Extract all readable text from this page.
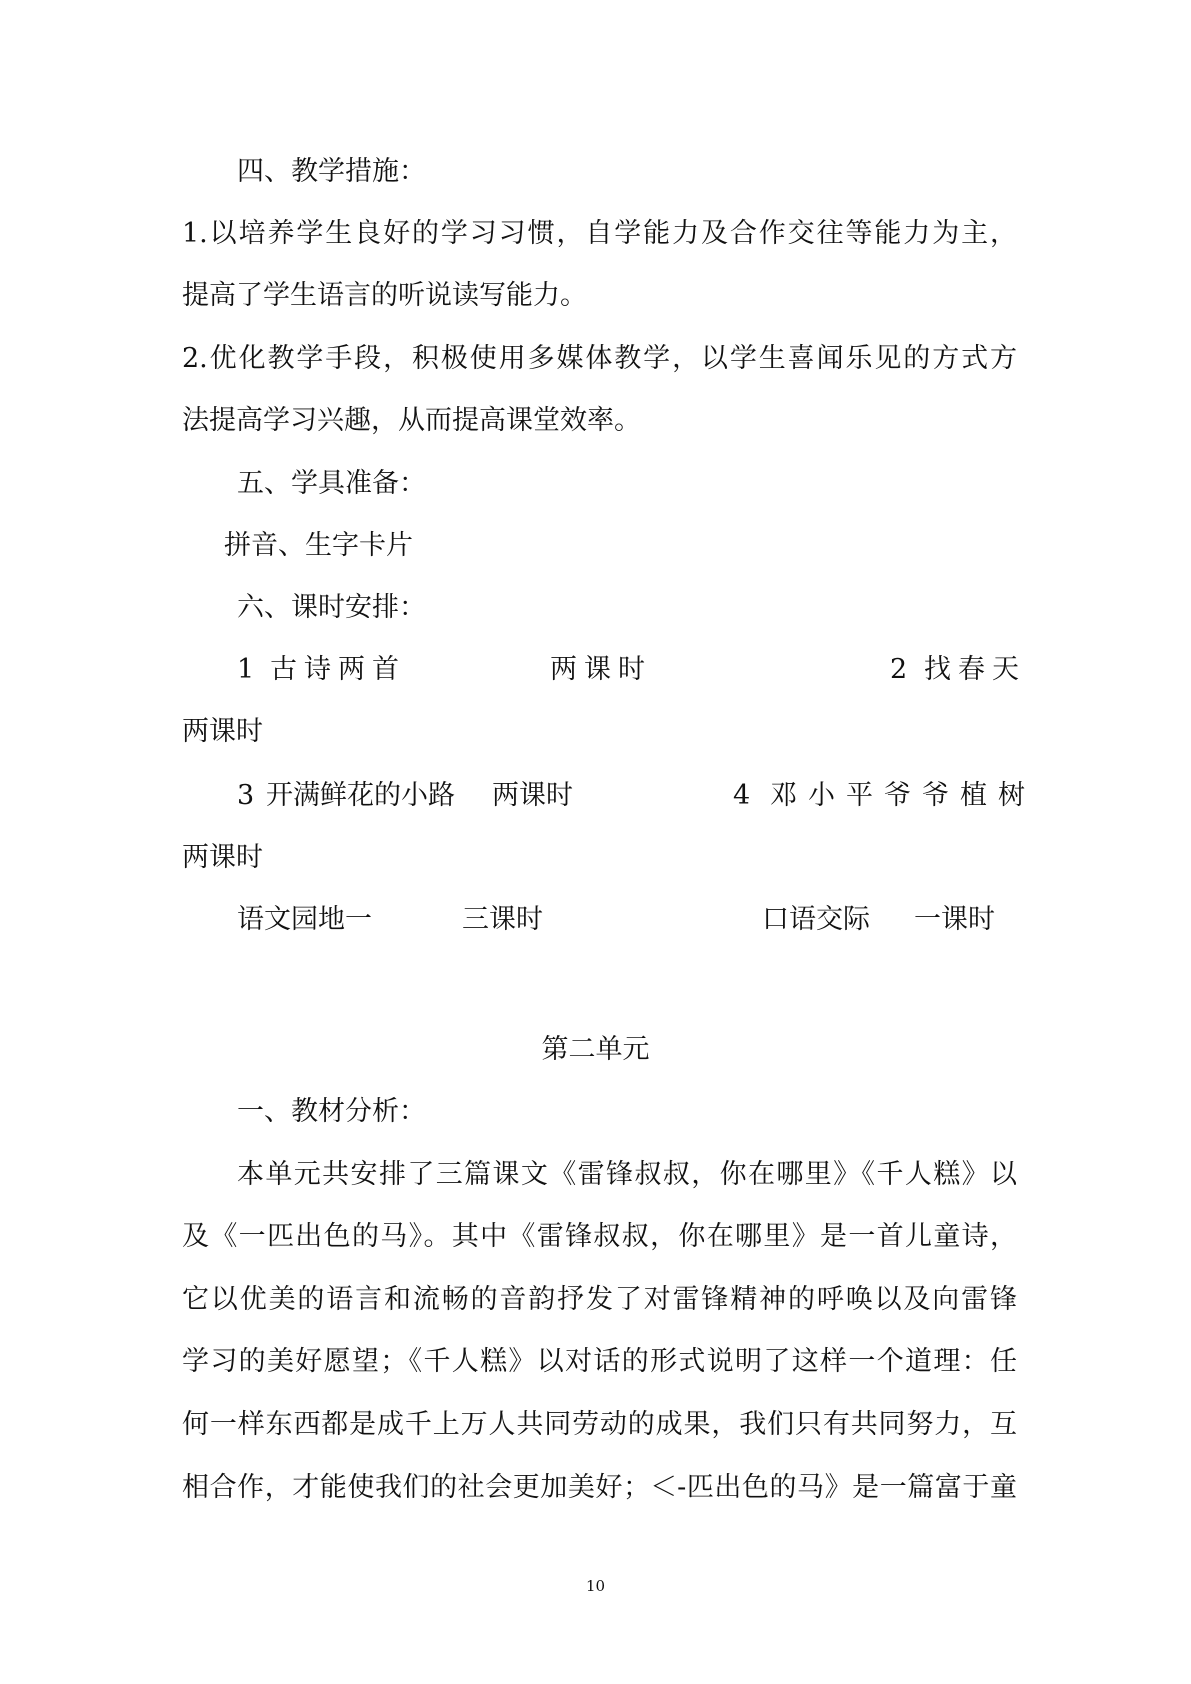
四、教学措施：
1.以培养学生良好的学习习惯，自学能力及合作交往等能力为主，
提高了学生语言的听说读写能力。
2.优化教学手段，积极使用多媒体教学，以学生喜闻乐见的方式方
法提高学习兴趣，从而提高课堂效率。
五、学具准备：
拼音、生字卡片
六、课时安排：
1 古诗两首	两课时	2 找春天
两课时
3 开满鲜花的小路 两课时	4 邓小平爷爷植树
两课时
语文园地一	三课时	口语交际 一课时
第二单元
一、教材分析：
本单元共安排了三篇课文《雷锋叔叔，你在哪里》《千人糕》以
及《一匹出色的马》。其中《雷锋叔叔，你在哪里》是一首儿童诗，
它以优美的语言和流畅的音韵抒发了对雷锋精神的呼唤以及向雷锋
学习的美好愿望；《千人糕》以对话的形式说明了这样一个道理：任
何一样东西都是成千上万人共同劳动的成果，我们只有共同努力，互
相合作，才能使我们的社会更加美好；＜-匹出色的马》是一篇富于童
10
